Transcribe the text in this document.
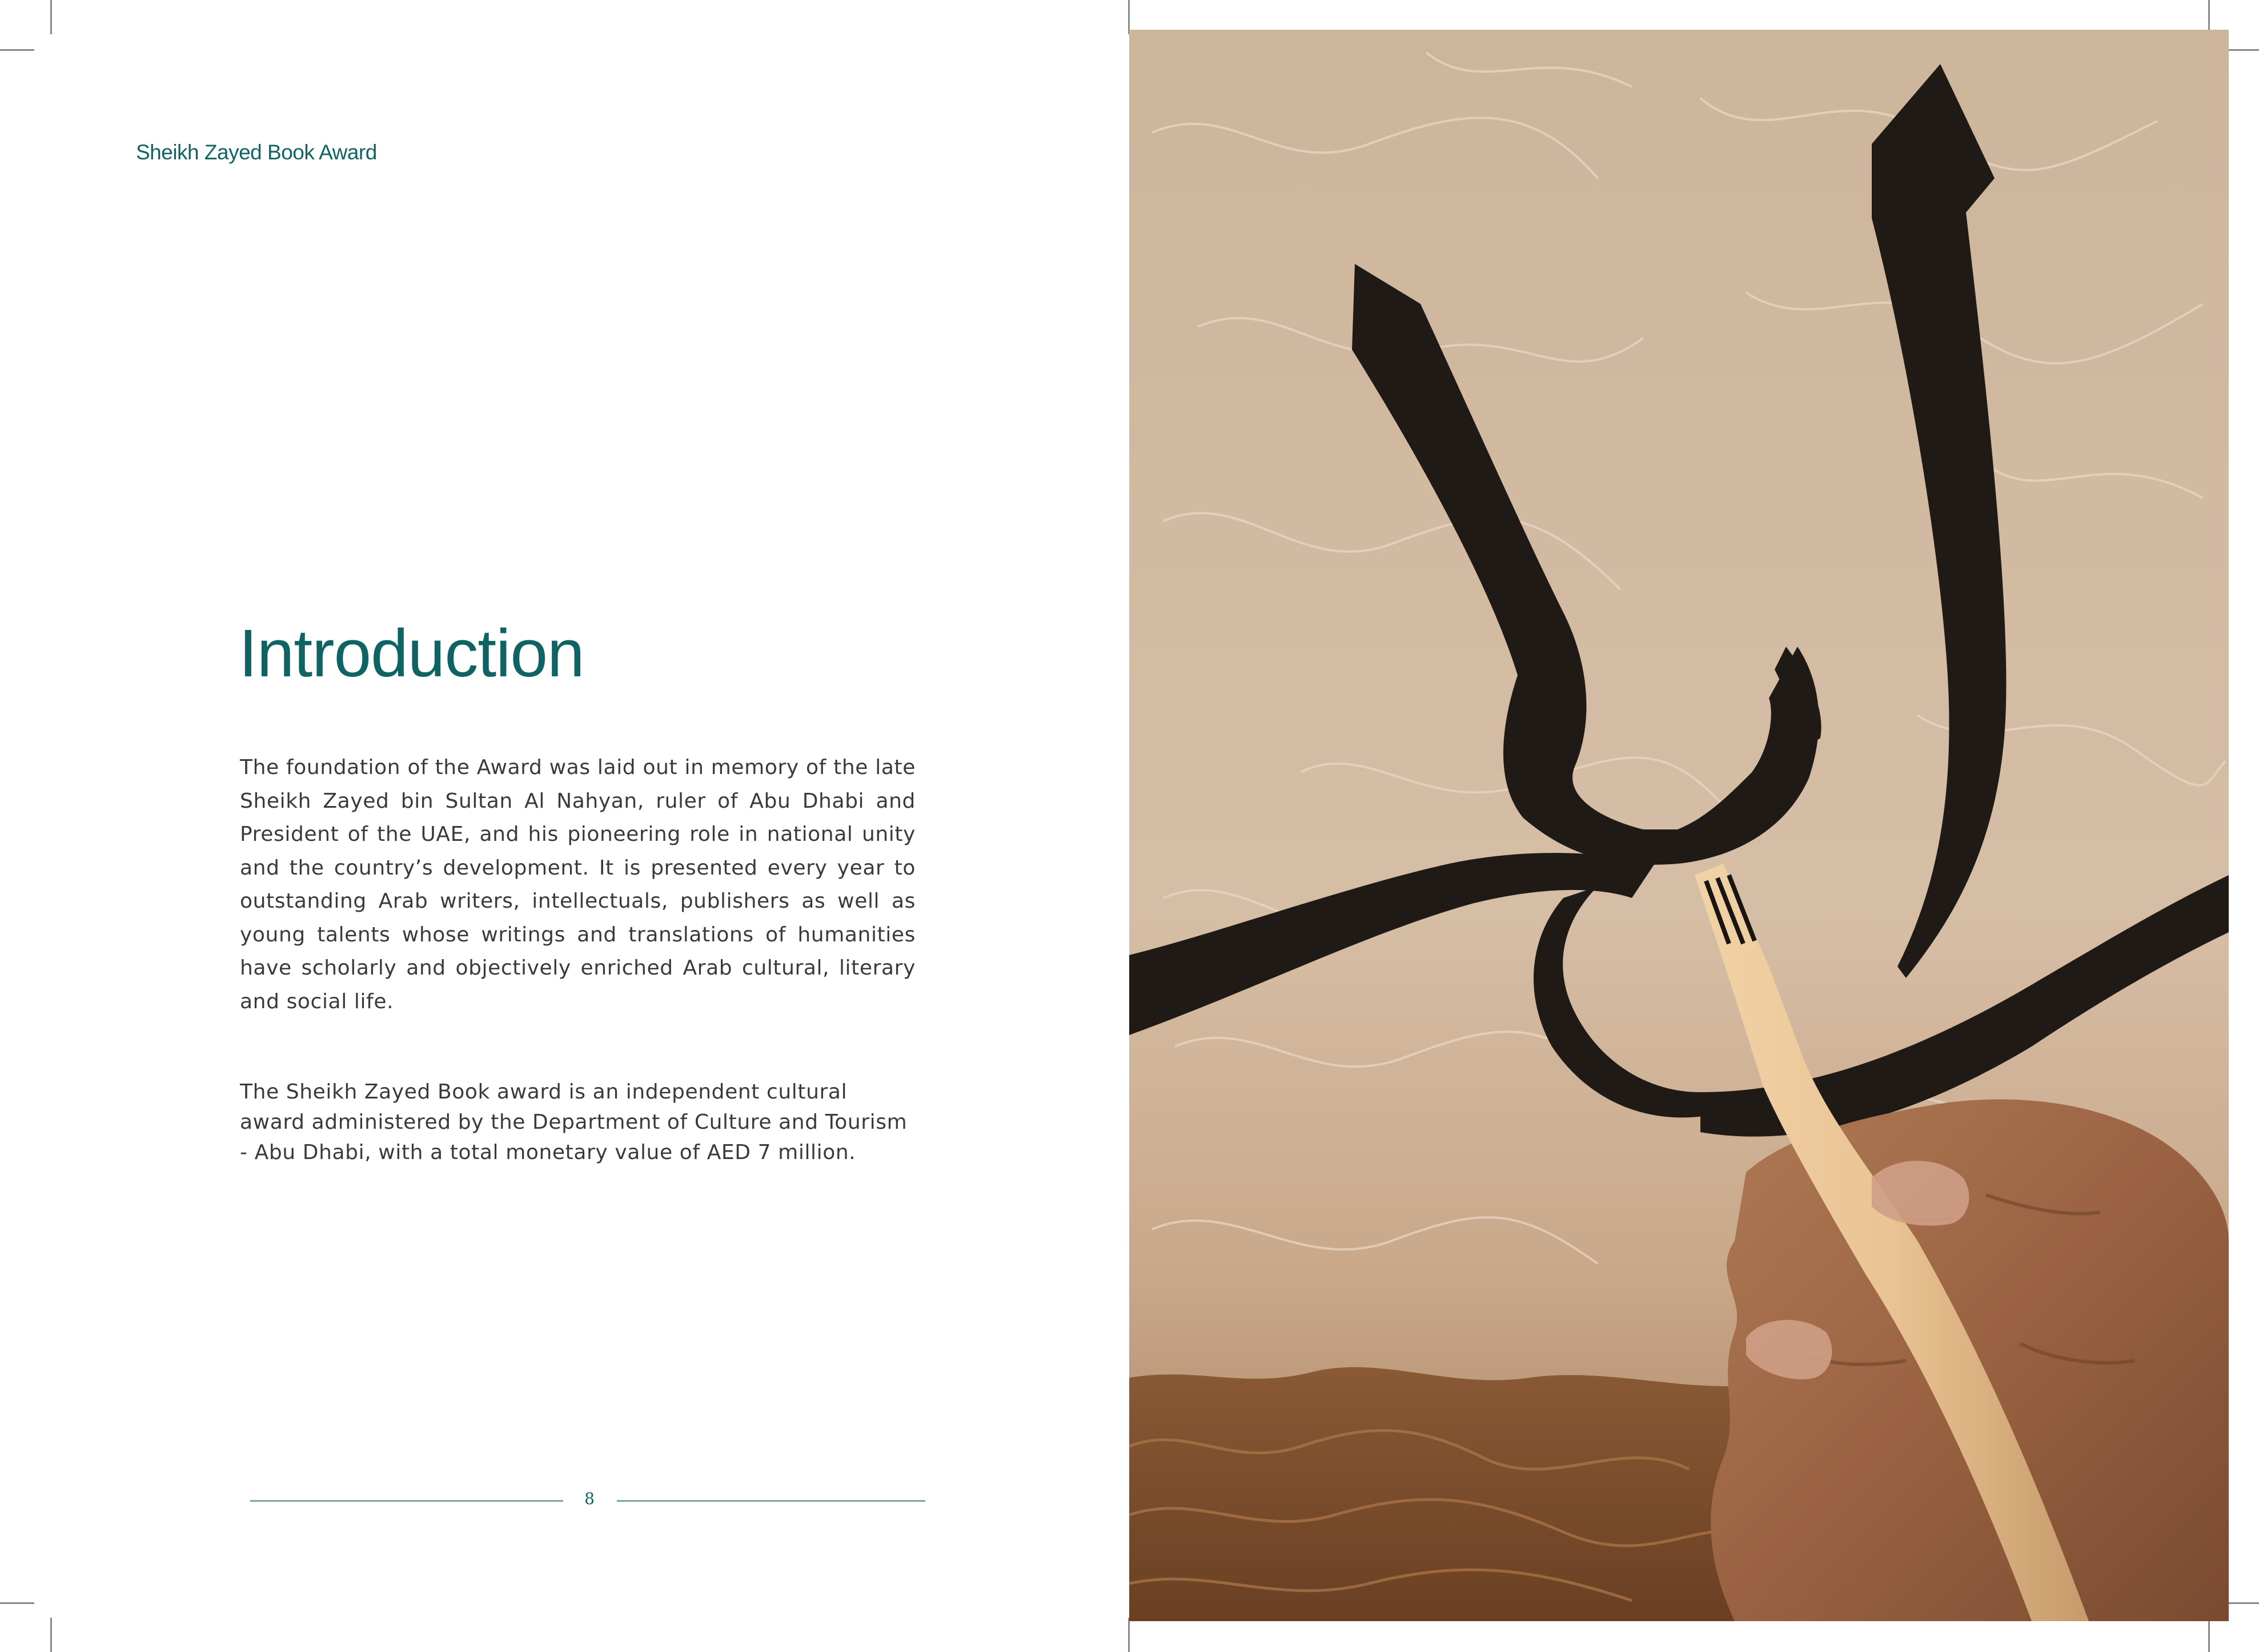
Sheikh Zayed Book Award
Introduction

The foundation of the Award was laid out in memory of the late Sheikh Zayed bin Sultan Al Nahyan, ruler of Abu Dhabi and President of the UAE, and his pioneering role in national unity and the country’s development. It is presented every year to outstanding Arab writers, intellectuals, publishers as well as young talents whose writings and translations of humanities have scholarly and objectively enriched Arab cultural, literary and social life.

The Sheikh Zayed Book award is an independent cultural award administered by the Department of Culture and Tourism - Abu Dhabi, with a total monetary value of AED 7 million.

8
